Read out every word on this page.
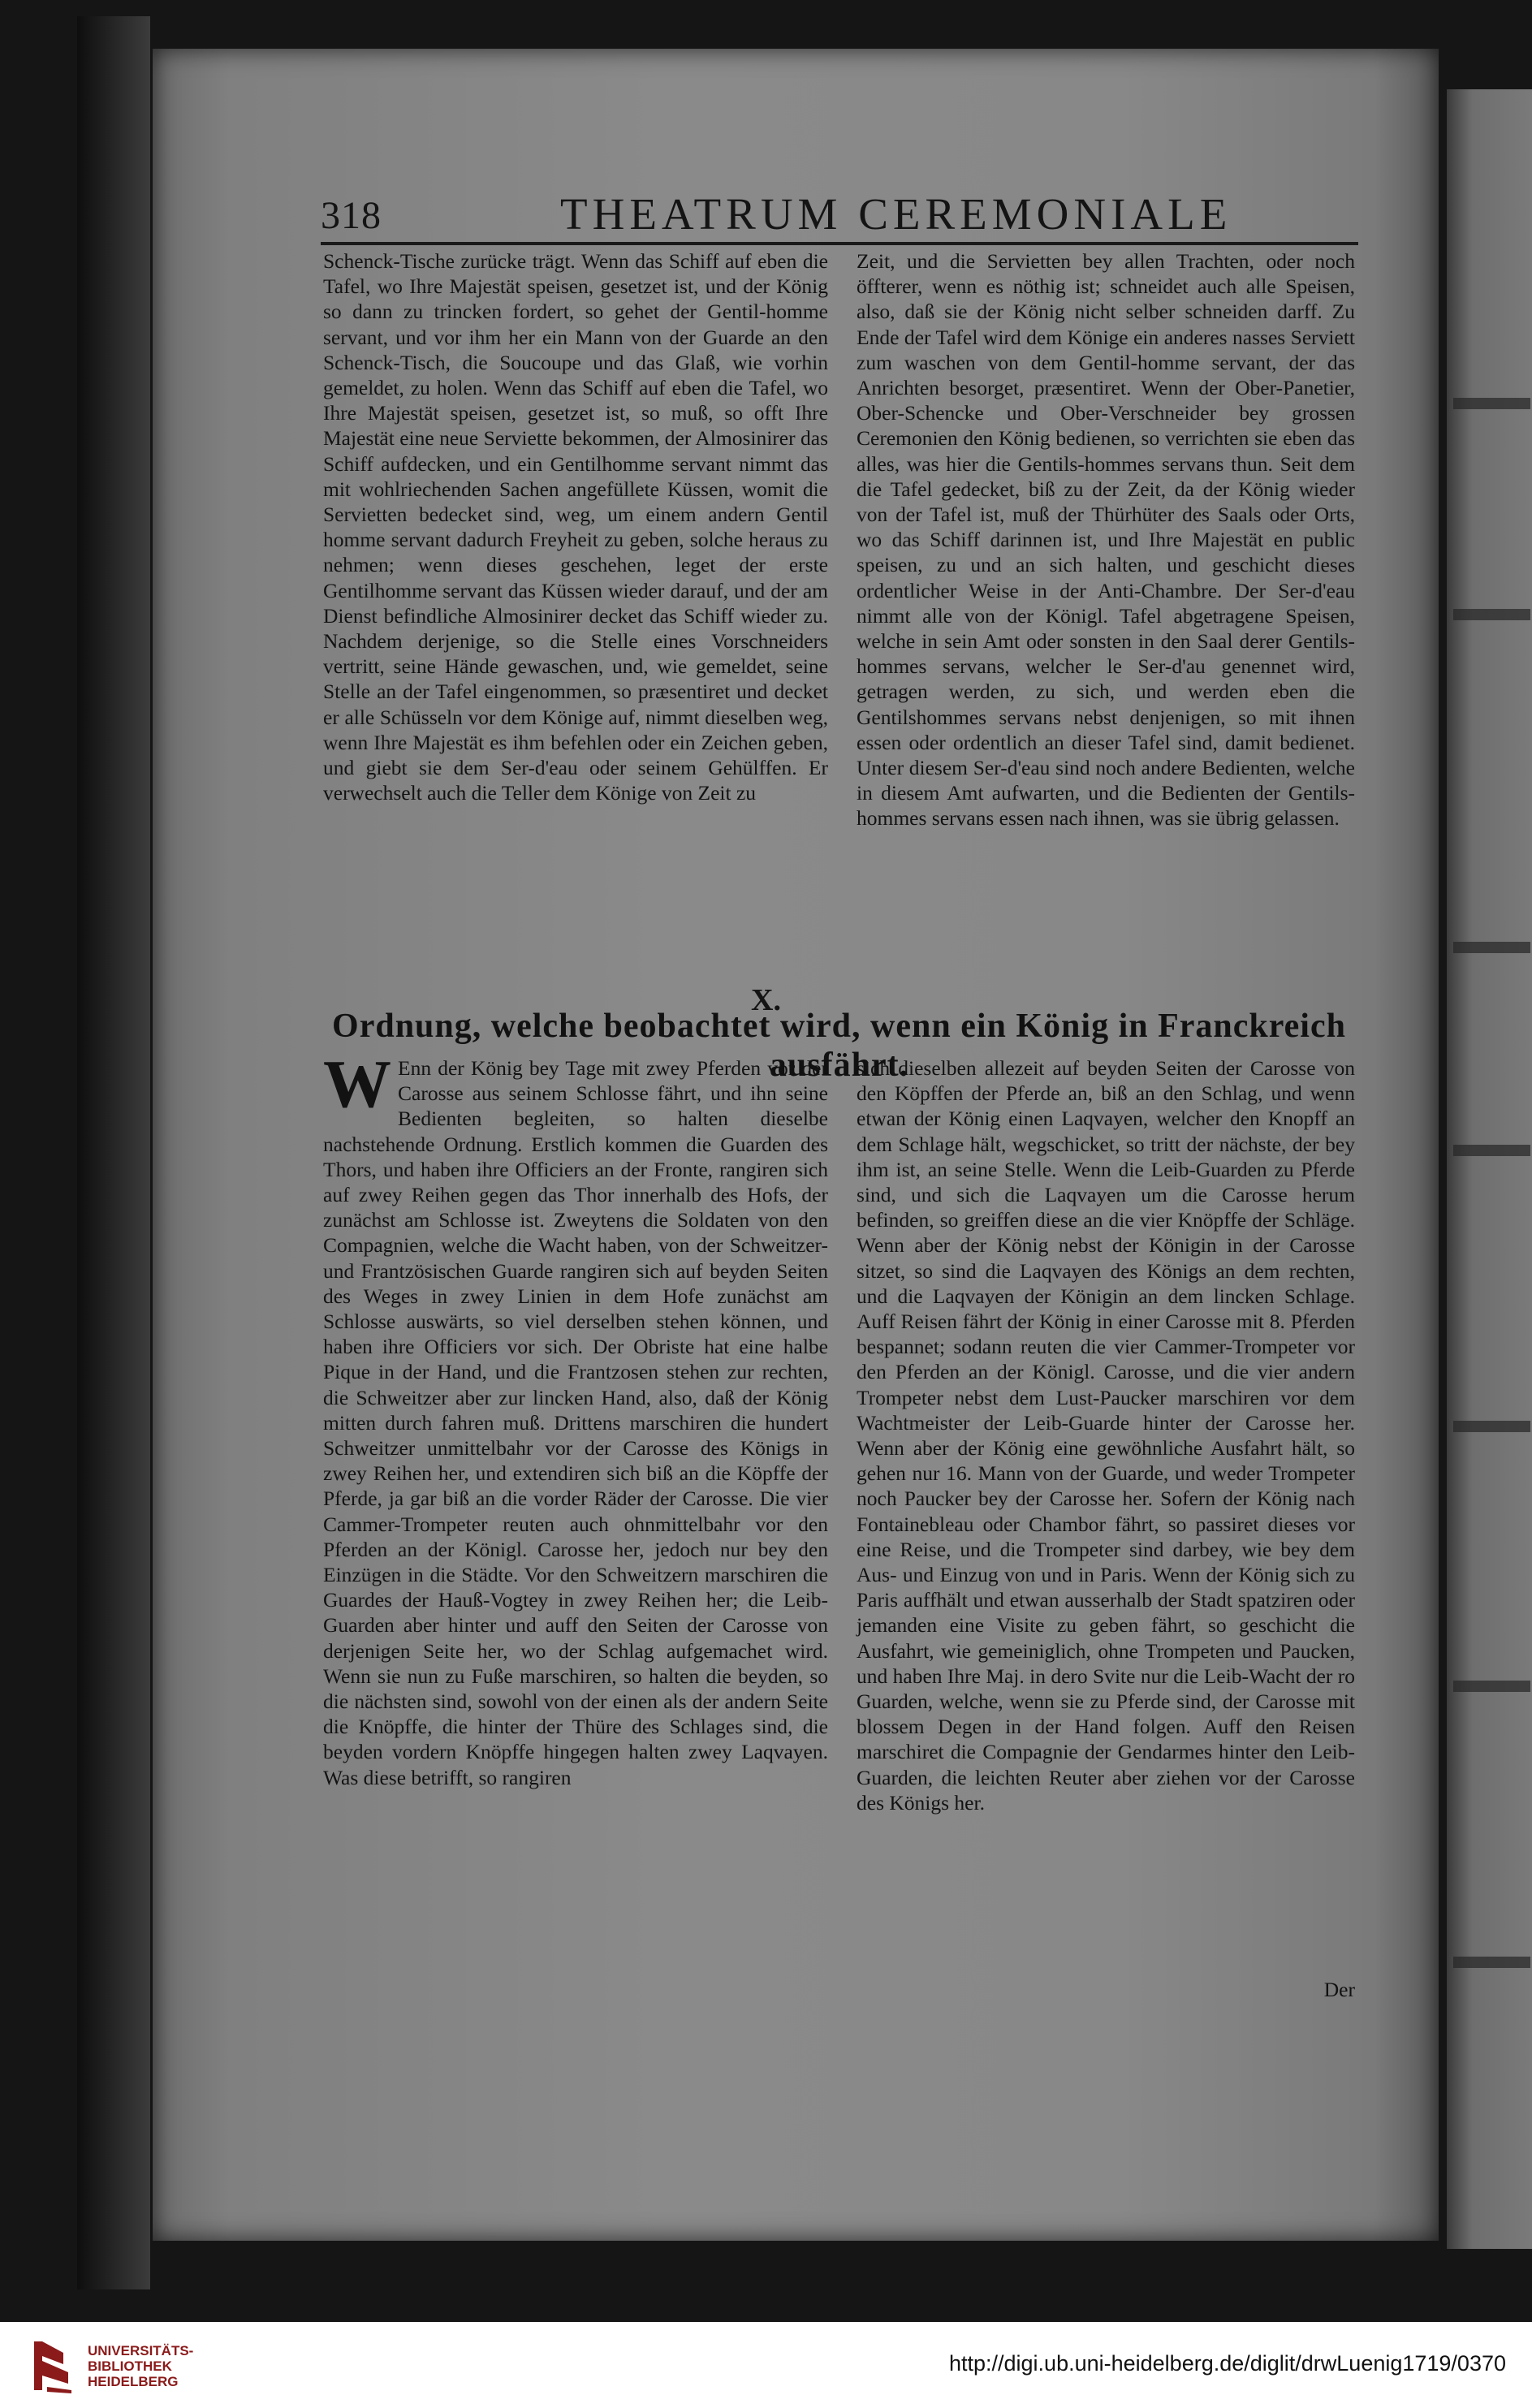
318	THEATRUM CEREMONIALE

Schenck-Tische zurücke trägt. Wenn das Schiff auf eben die Tafel, wo Ihre Majestät speisen, gesetzet ist, und der König so dann zu trincken fordert, so gehet der Gentil-homme servant, und vor ihm her ein Mann von der Guarde an den Schenck-Tisch, die Soucoupe und das Glaß, wie vorhin gemeldet, zu holen. Wenn das Schiff auf eben die Tafel, wo Ihre Majestät speisen, gesetzet ist, so muß, so offt Ihre Majestät eine neue Serviette bekommen, der Almosinirer das Schiff aufdecken, und ein Gentilhomme servant nimmt das mit wohlriechenden Sachen angefüllete Küssen, womit die Servietten bedecket sind, weg, um einem andern Gentil homme servant dadurch Freyheit zu geben, solche heraus zu nehmen; wenn dieses geschehen, leget der erste Gentilhomme servant das Küssen wieder darauf, und der am Dienst befindliche Almosinirer decket das Schiff wieder zu. Nachdem derjenige, so die Stelle eines Vorschneiders vertritt, seine Hände gewaschen, und, wie gemeldet, seine Stelle an der Tafel eingenommen, so præsentiret und decket er alle Schüsseln vor dem Könige auf, nimmt dieselben weg, wenn Ihre Majestät es ihm befehlen oder ein Zeichen geben, und giebt sie dem Ser-d'eau oder seinem Gehülffen. Er verwechselt auch die Teller dem Könige von Zeit zu

Zeit, und die Servietten bey allen Trachten, oder noch öffterer, wenn es nöthig ist; schneidet auch alle Speisen, also, daß sie der König nicht selber schneiden darff. Zu Ende der Tafel wird dem Könige ein anderes nasses Serviett zum waschen von dem Gentil-homme servant, der das Anrichten besorget, præsentiret. Wenn der Ober-Panetier, Ober-Schencke und Ober-Verschneider bey grossen Ceremonien den König bedienen, so verrichten sie eben das alles, was hier die Gentils-hommes servans thun. Seit dem die Tafel gedecket, biß zu der Zeit, da der König wieder von der Tafel ist, muß der Thürhüter des Saals oder Orts, wo das Schiff darinnen ist, und Ihre Majestät en public speisen, zu und an sich halten, und geschicht dieses ordentlicher Weise in der Anti-Chambre. Der Ser-d'eau nimmt alle von der Königl. Tafel abgetragene Speisen, welche in sein Amt oder sonsten in den Saal derer Gentils-hommes servans, welcher le Ser-d'au genennet wird, getragen werden, zu sich, und werden eben die Gentilshommes servans nebst denjenigen, so mit ihnen essen oder ordentlich an dieser Tafel sind, damit bedienet. Unter diesem Ser-d'eau sind noch andere Bedienten, welche in diesem Amt aufwarten, und die Bedienten der Gentils-hommes servans essen nach ihnen, was sie übrig gelassen.

X.
Ordnung, welche beobachtet wird, wenn ein König in Franckreich ausfährt.
W Enn der König bey Tage mit zwey Pferden vor der Carosse aus seinem Schlosse fährt, und ihn seine Bedienten begleiten, so halten dieselbe nachstehende Ordnung. Erstlich kommen die Guarden des Thors, und haben ihre Officiers an der Fronte, rangiren sich auf zwey Reihen gegen das Thor innerhalb des Hofs, der zunächst am Schlosse ist. Zweytens die Soldaten von den Compagnien, welche die Wacht haben, von der Schweitzer- und Frantzösischen Guarde rangiren sich auf beyden Seiten des Weges in zwey Linien in dem Hofe zunächst am Schlosse auswärts, so viel derselben stehen können, und haben ihre Officiers vor sich. Der Obriste hat eine halbe Pique in der Hand, und die Frantzosen stehen zur rechten, die Schweitzer aber zur lincken Hand, also, daß der König mitten durch fahren muß. Drittens marschiren die hundert Schweitzer unmittelbahr vor der Carosse des Königs in zwey Reihen her, und extendiren sich biß an die Köpffe der Pferde, ja gar biß an die vorder Räder der Carosse. Die vier Cammer-Trompeter reuten auch ohnmittelbahr vor den Pferden an der Königl. Carosse her, jedoch nur bey den Einzügen in die Städte. Vor den Schweitzern marschiren die Guardes der Hauß-Vogtey in zwey Reihen her; die Leib-Guarden aber hinter und auff den Seiten der Carosse von derjenigen Seite her, wo der Schlag aufgemachet wird. Wenn sie nun zu Fuße marschiren, so halten die beyden, so die nächsten sind, sowohl von der einen als der andern Seite die Knöpffe, die hinter der Thüre des Schlages sind, die beyden vordern Knöpffe hingegen halten zwey Laqvayen. Was diese betrifft, so rangiren

sich dieselben allezeit auf beyden Seiten der Carosse von den Köpffen der Pferde an, biß an den Schlag, und wenn etwan der König einen Laqvayen, welcher den Knopff an dem Schlage hält, wegschicket, so tritt der nächste, der bey ihm ist, an seine Stelle. Wenn die Leib-Guarden zu Pferde sind, und sich die Laqvayen um die Carosse herum befinden, so greiffen diese an die vier Knöpffe der Schläge. Wenn aber der König nebst der Königin in der Carosse sitzet, so sind die Laqvayen des Königs an dem rechten, und die Laqvayen der Königin an dem lincken Schlage. Auff Reisen fährt der König in einer Carosse mit 8. Pferden bespannet; sodann reuten die vier Cammer-Trompeter vor den Pferden an der Königl. Carosse, und die vier andern Trompeter nebst dem Lust-Paucker marschiren vor dem Wachtmeister der Leib-Guarde hinter der Carosse her. Wenn aber der König eine gewöhnliche Ausfahrt hält, so gehen nur 16. Mann von der Guarde, und weder Trompeter noch Paucker bey der Carosse her. Sofern der König nach Fontainebleau oder Chambor fährt, so passiret dieses vor eine Reise, und die Trompeter sind darbey, wie bey dem Aus- und Einzug von und in Paris. Wenn der König sich zu Paris auffhält und etwan ausserhalb der Stadt spatziren oder jemanden eine Visite zu geben fährt, so geschicht die Ausfahrt, wie gemeiniglich, ohne Trompeten und Paucken, und haben Ihre Maj. in dero Svite nur die Leib-Wacht der ro Guarden, welche, wenn sie zu Pferde sind, der Carosse mit blossem Degen in der Hand folgen. Auff den Reisen marschiret die Compagnie der Gendarmes hinter den Leib-Guarden, die leichten Reuter aber ziehen vor der Carosse des Königs her.

Der
UNIVERSITÄTS-
BIBLIOTHEK
HEIDELBERG
http://digi.ub.uni-heidelberg.de/diglit/drwLuenig1719/0370
